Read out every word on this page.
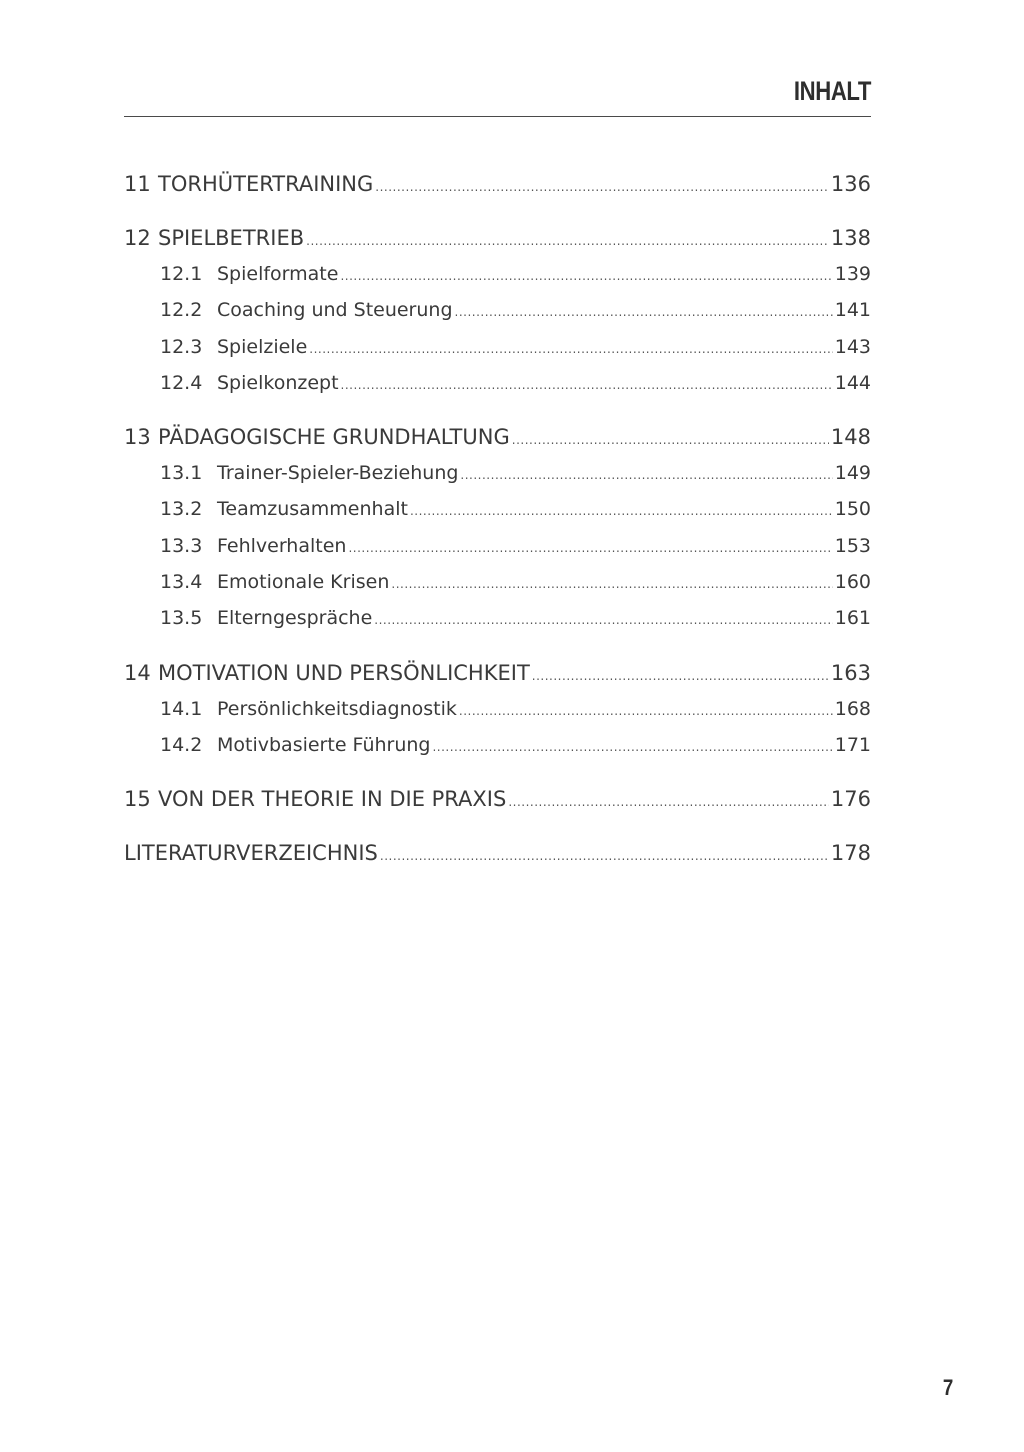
INHALT
11 TORHÜTERTRAINING .....	136
12 SPIELBETRIEB .....	138
12.1 Spielformate .....	139
12.2 Coaching und Steuerung .....	141
12.3 Spielziele .....	143
12.4 Spielkonzept .....	144
13 PÄDAGOGISCHE GRUNDHALTUNG .....	148
13.1 Trainer-Spieler-Beziehung .....	149
13.2 Teamzusammenhalt .....	150
13.3 Fehlverhalten .....	153
13.4 Emotionale Krisen .....	160
13.5 Elterngespräche .....	161
14 MOTIVATION UND PERSÖNLICHKEIT .....	163
14.1 Persönlichkeitsdiagnostik .....	168
14.2 Motivbasierte Führung .....	171
15 VON DER THEORIE IN DIE PRAXIS .....	176
LITERATURVERZEICHNIS .....	178
7
